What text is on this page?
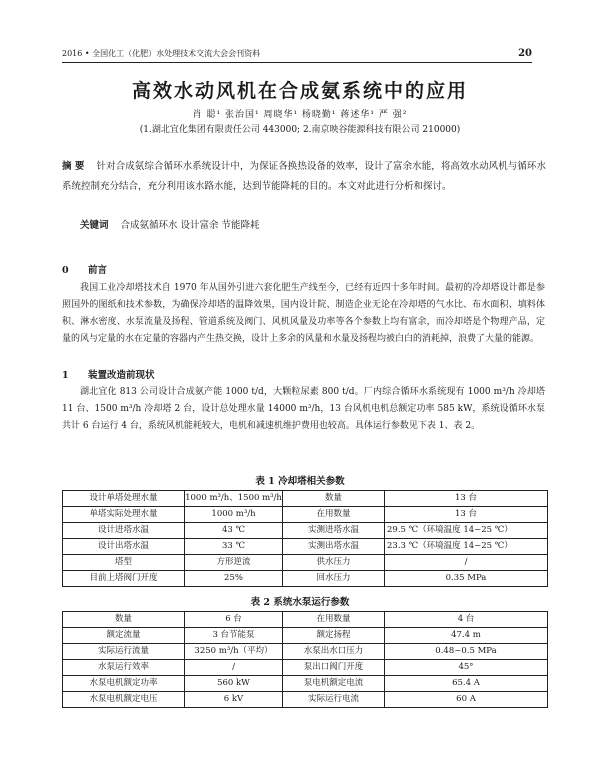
2016 • 全国化工（化肥）水处理技术交流大会会刊资料	20
高效水动风机在合成氨系统中的应用
肖 聪¹ 张治国¹ 周晓华¹ 杨晓勤¹ 蒋述华¹ 严 强²
(1.湖北宜化集团有限责任公司 443000; 2.南京映谷能源科技有限公司 210000)
摘 要 针对合成氨综合循环水系统设计中，为保证各换热设备的效率，设计了富余水能，将高效水动风机与循环水系统控制充分结合，充分利用该水路水能，达到节能降耗的目的。本文对此进行分析和探讨。
关键词 合成氨循环水 设计富余 节能降耗
0 前言
我国工业冷却塔技术自 1970 年从国外引进六套化肥生产线至今，已经有近四十多年时间。最初的冷却塔设计都是参照国外的图纸和技术参数，为确保冷却塔的温降效果，国内设计院、制造企业无论在冷却塔的气水比、布水面积、填料体积、淋水密度、水泵流量及扬程、管道系统及阀门、风机风量及功率等各个参数上均有富余，而冷却塔是个物理产品，定量的风与定量的水在定量的容器内产生热交换，设计上多余的风量和水量及扬程均被白白的消耗掉，浪费了大量的能源。
1 装置改造前现状
湖北宜化 813 公司设计合成氨产能 1000 t/d，大颗粒尿素 800 t/d。厂内综合循环水系统现有 1000 m³/h 冷却塔 11 台、1500 m³/h 冷却塔 2 台，设计总处理水量 14000 m³/h，13 台风机电机总额定功率 585 kW，系统设循环水泵共计 6 台运行 4 台，系统风机能耗较大，电机和减速机维护费用也较高。具体运行参数见下表 1、表 2。
表 1 冷却塔相关参数
设计单塔处理水量	1000 m³/h、1500 m³/h	数量	13 台
单塔实际处理水量	1000 m³/h	在用数量	13 台
设计进塔水温	43 ℃	实测进塔水温	29.5 ℃（环境温度 14~25 ℃）
设计出塔水温	33 ℃	实测出塔水温	23.3 ℃（环境温度 14~25 ℃）
塔型	方形逆流	供水压力	/
目前上塔阀门开度	25%	回水压力	0.35 MPa
表 2 系统水泵运行参数
数量	6 台	在用数量	4 台
额定流量	3 台节能泵	额定扬程	47.4 m
实际运行流量	3250 m³/h（平均）	水泵出水口压力	0.48~0.5 MPa
水泵运行效率	/	泵出口阀门开度	45°
水泵电机额定功率	560 kW	泵电机额定电流	65.4 A
水泵电机额定电压	6 kV	实际运行电流	60 A
